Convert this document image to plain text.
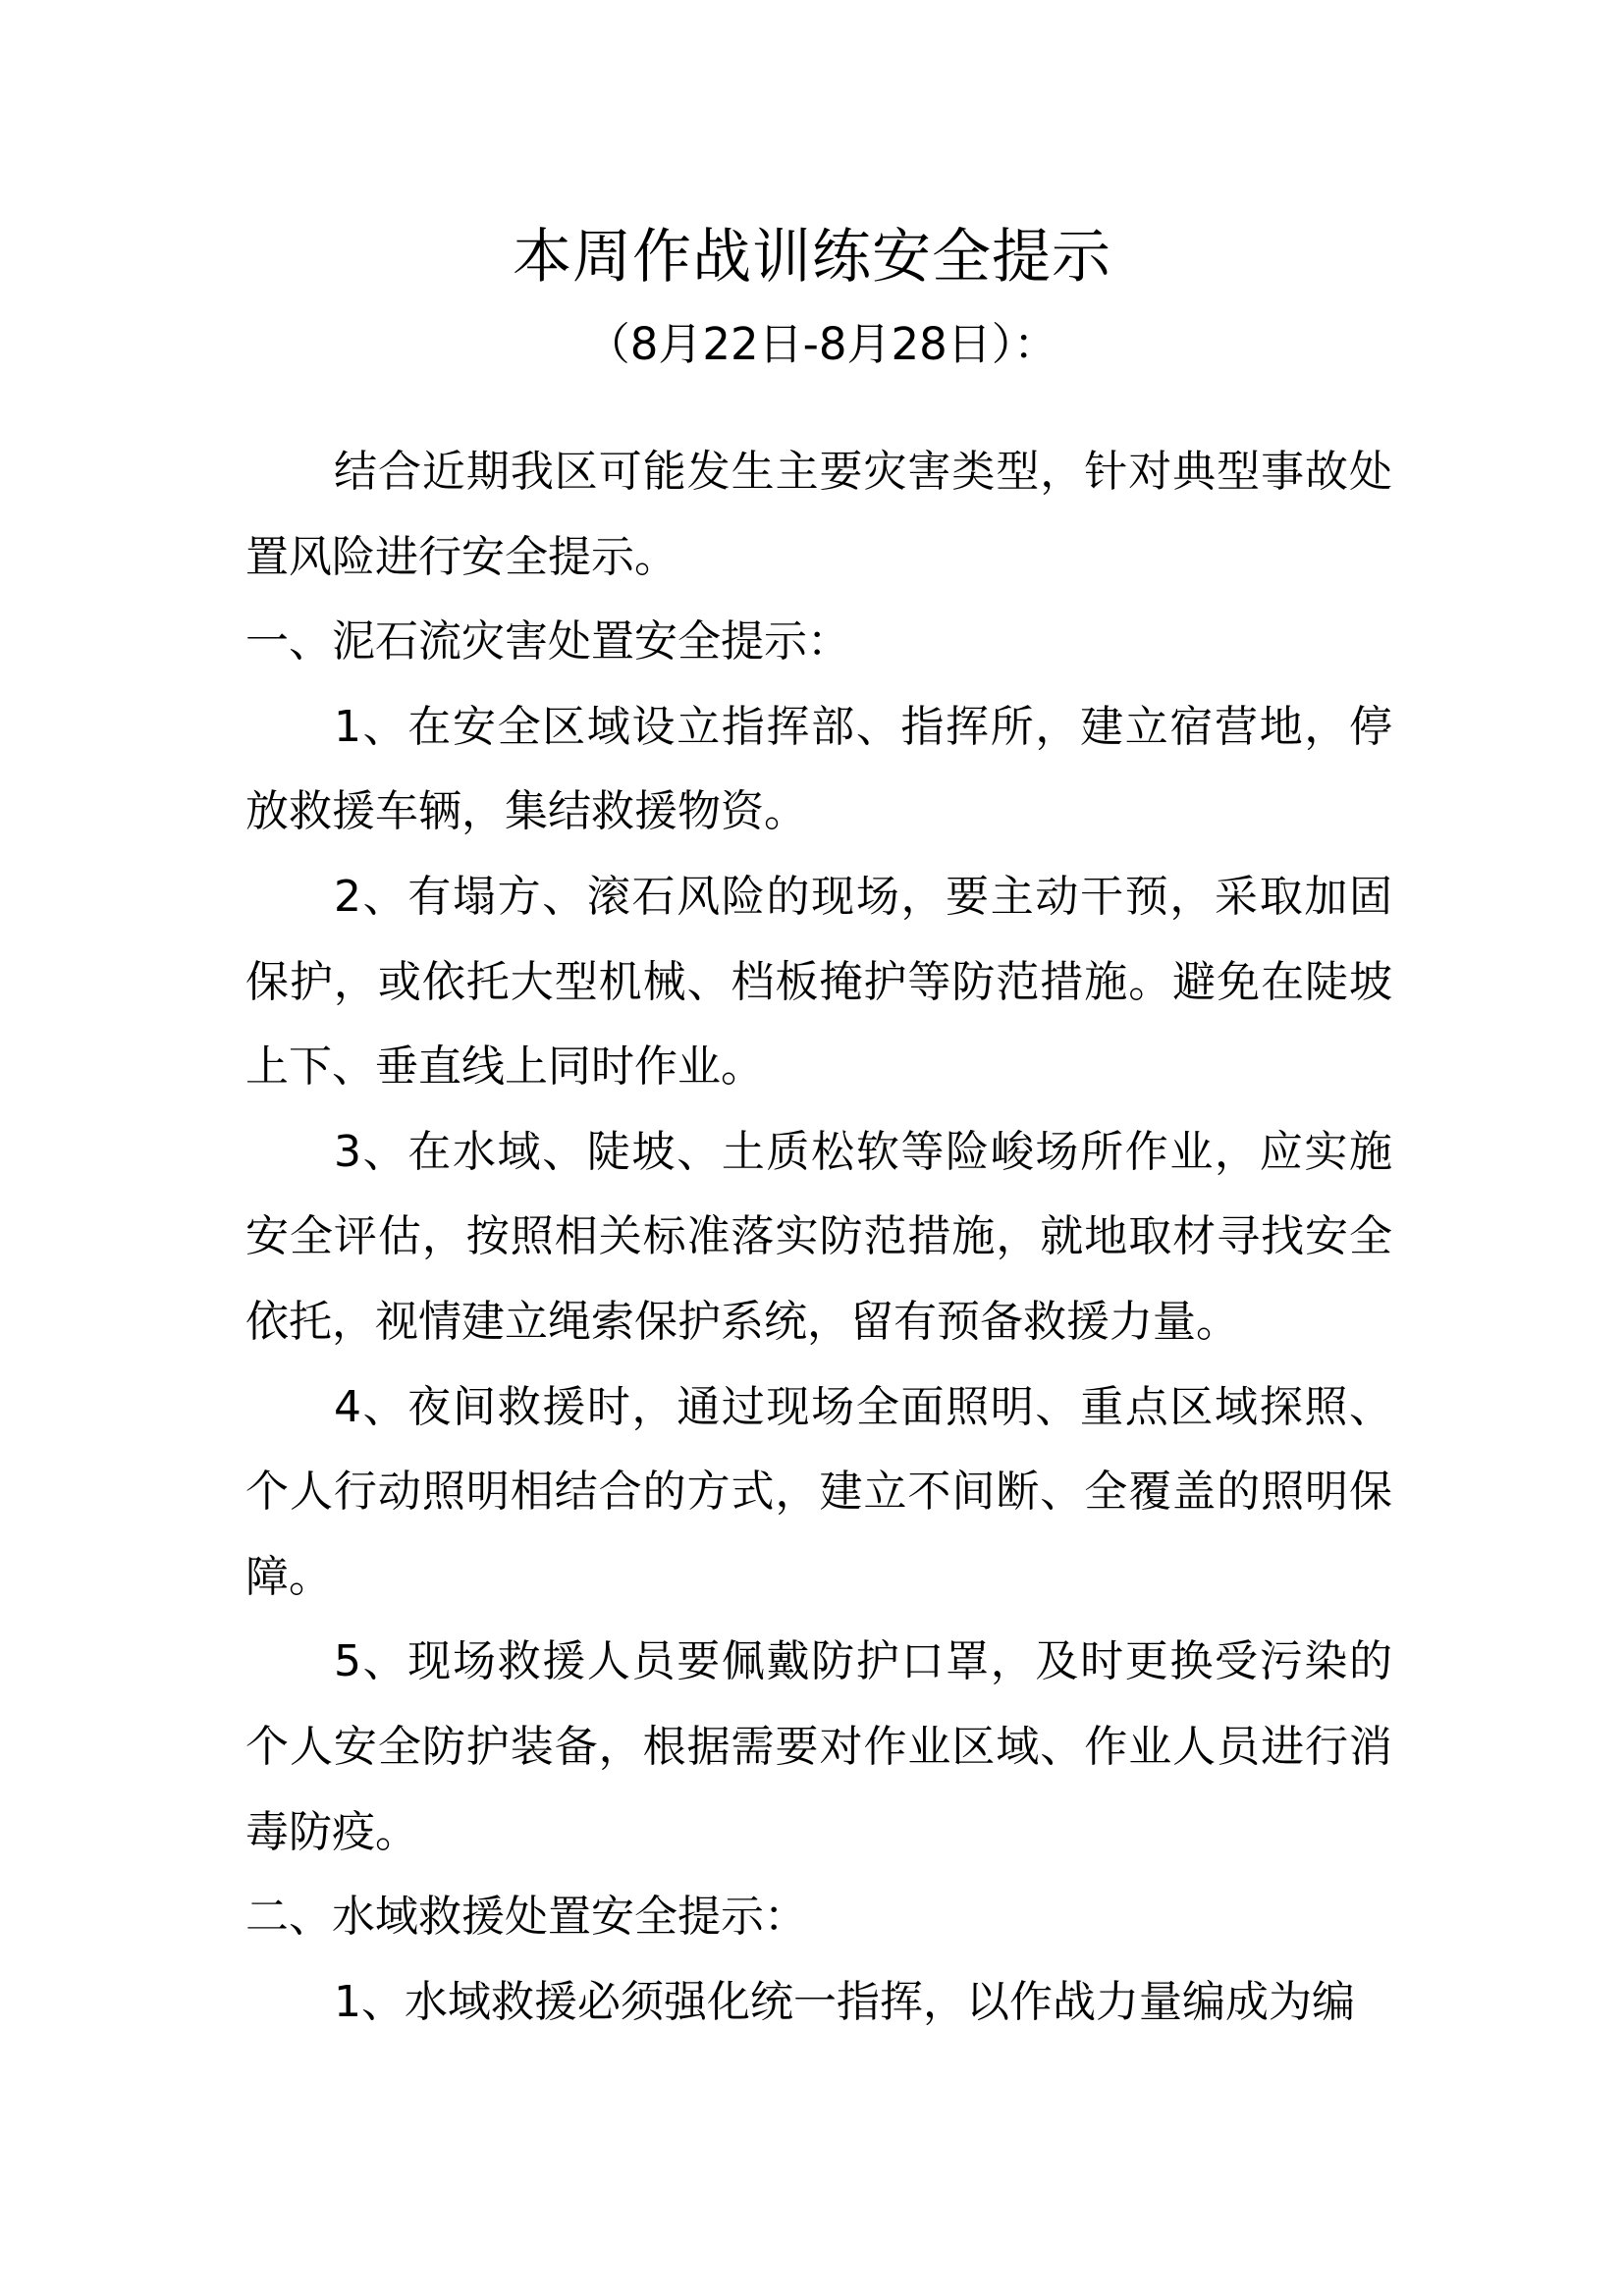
本周作战训练安全提示
（8月22日-8月28日）：

结合近期我区可能发生主要灾害类型，针对典型事故处置风险进行安全提示。

一、泥石流灾害处置安全提示：

1、在安全区域设立指挥部、指挥所，建立宿营地，停放救援车辆，集结救援物资。

2、有塌方、滚石风险的现场，要主动干预，采取加固保护，或依托大型机械、档板掩护等防范措施。避免在陡坡上下、垂直线上同时作业。

3、在水域、陡坡、土质松软等险峻场所作业，应实施安全评估，按照相关标准落实防范措施，就地取材寻找安全依托，视情建立绳索保护系统，留有预备救援力量。

4、夜间救援时，通过现场全面照明、重点区域探照、个人行动照明相结合的方式，建立不间断、全覆盖的照明保障。

5、现场救援人员要佩戴防护口罩，及时更换受污染的个人安全防护装备，根据需要对作业区域、作业人员进行消毒防疫。

二、水域救援处置安全提示：

1、水域救援必须强化统一指挥，以作战力量编成为编
